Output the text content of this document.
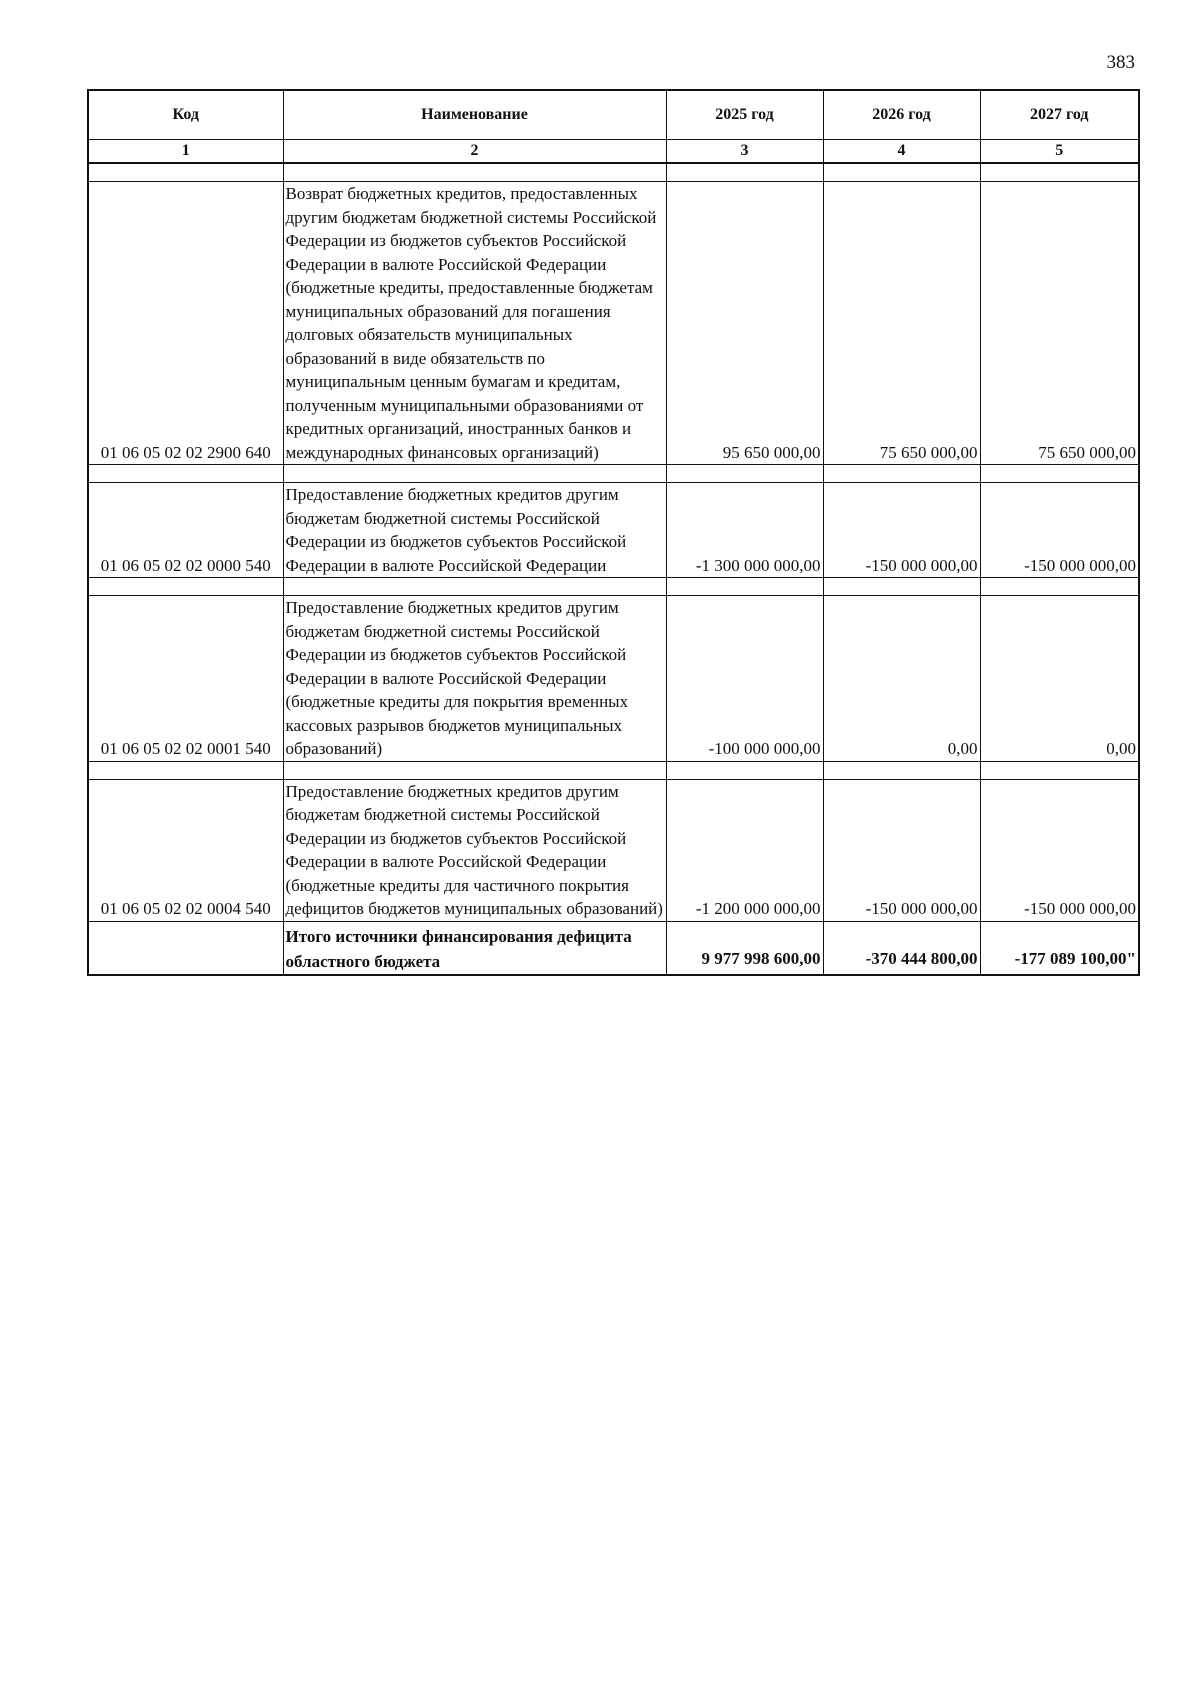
383
Код	Наименование	2025 год	2026 год	2027 год
1	2	3	4	5

01 06 05 02 02 2900 640	Возврат бюджетных кредитов, предоставленных другим бюджетам бюджетной системы Российской Федерации из бюджетов субъектов Российской Федерации в валюте Российской Федерации (бюджетные кредиты, предоставленные бюджетам муниципальных образований для погашения долговых обязательств муниципальных образований в виде обязательств по муниципальным ценным бумагам и кредитам, полученным муниципальными образованиями от кредитных организаций, иностранных банков и международных финансовых организаций)	95 650 000,00	75 650 000,00	75 650 000,00

01 06 05 02 02 0000 540	Предоставление бюджетных кредитов другим бюджетам бюджетной системы Российской Федерации из бюджетов субъектов Российской Федерации в валюте Российской Федерации	-1 300 000 000,00	-150 000 000,00	-150 000 000,00

01 06 05 02 02 0001 540	Предоставление бюджетных кредитов другим бюджетам бюджетной системы Российской Федерации из бюджетов субъектов Российской Федерации в валюте Российской Федерации (бюджетные кредиты для покрытия временных кассовых разрывов бюджетов муниципальных образований)	-100 000 000,00	0,00	0,00

01 06 05 02 02 0004 540	Предоставление бюджетных кредитов другим бюджетам бюджетной системы Российской Федерации из бюджетов субъектов Российской Федерации в валюте Российской Федерации (бюджетные кредиты для частичного покрытия дефицитов бюджетов муниципальных образований)	-1 200 000 000,00	-150 000 000,00	-150 000 000,00
	Итого источники финансирования дефицита областного бюджета	9 977 998 600,00	-370 444 800,00	-177 089 100,00"
